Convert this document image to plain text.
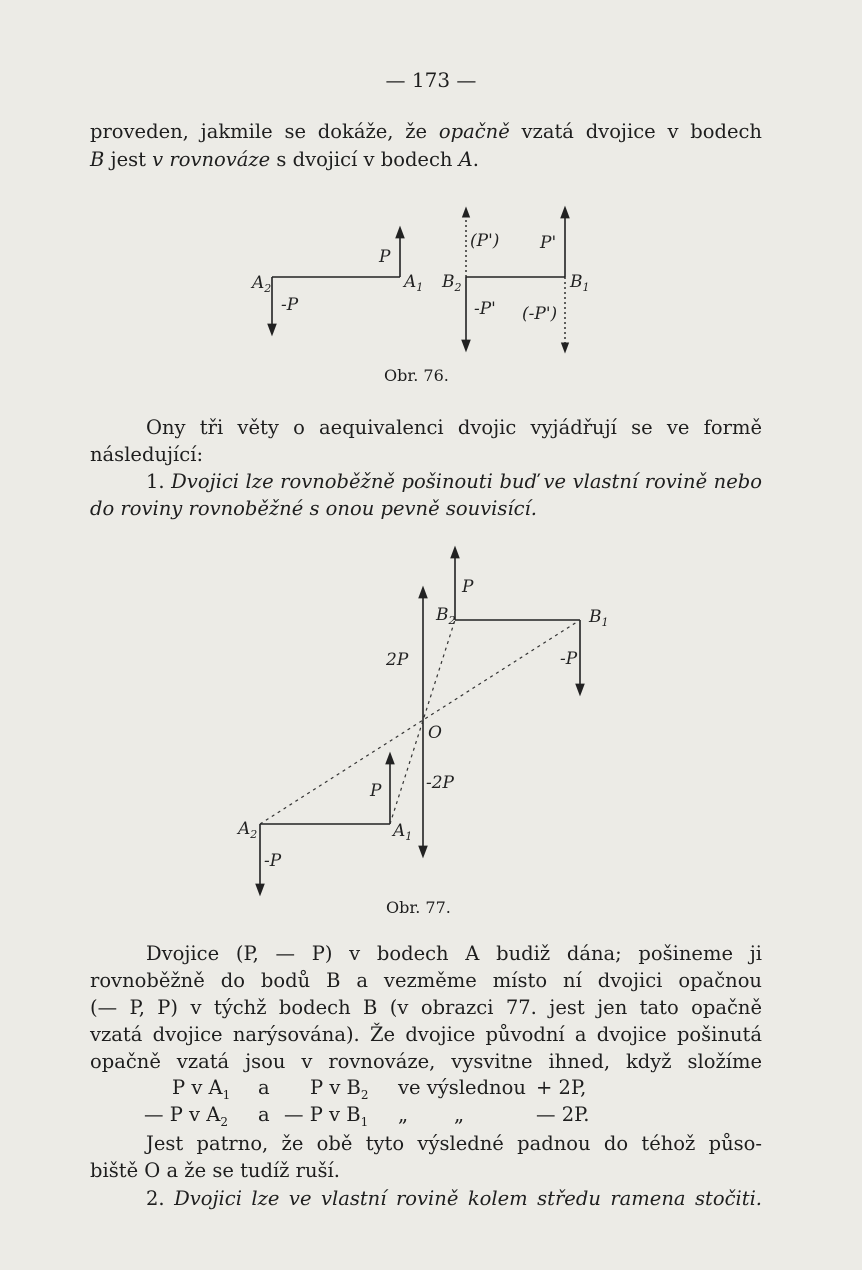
— 173 —

proveden, jakmile se dokáže, že opačně vzatá dvojice v bodech

B jest v rovnováze s dvojicí v bodech A.

$A_2$
-P
P
$A_1$ $B_2$
(P') P'
$B_1$
-P' (-P')
Obr. 76.

Ony tři věty o aequivalenci dvojic vyjádřují se ve formě

následující:

1. Dvojici lze rovnoběžně pošinouti buď ve vlastní rovině nebo

do roviny rovnoběžné s onou pevně souvisící.

P
$B_2$	$B_1$
-P
2P
O
-2P
P
$A_1$
$A_2$
-P
Obr. 77.

Dvojice (P, — P) v bodech A budiž dána; pošineme ji

rovnoběžně do bodů B a vezměme místo ní dvojici opačnou

(— P, P) v týchž bodech B (v obrazci 77. jest jen tato opačně

vzatá dvojice narýsována). Že dvojice původní a dvojice pošinutá

opačně vzatá jsou v rovnováze, vysvitne ihned, když složíme

P v $A_1$ a P v $B_2$ ve výslednou + 2P,
— P v $A_2$ a — P v $B_1$ „ „	— 2P.

Jest patrno, že obě tyto výsledné padnou do téhož půso-

biště O a že se tudíž ruší.

2. Dvojici lze ve vlastní rovině kolem středu ramena stočiti.
